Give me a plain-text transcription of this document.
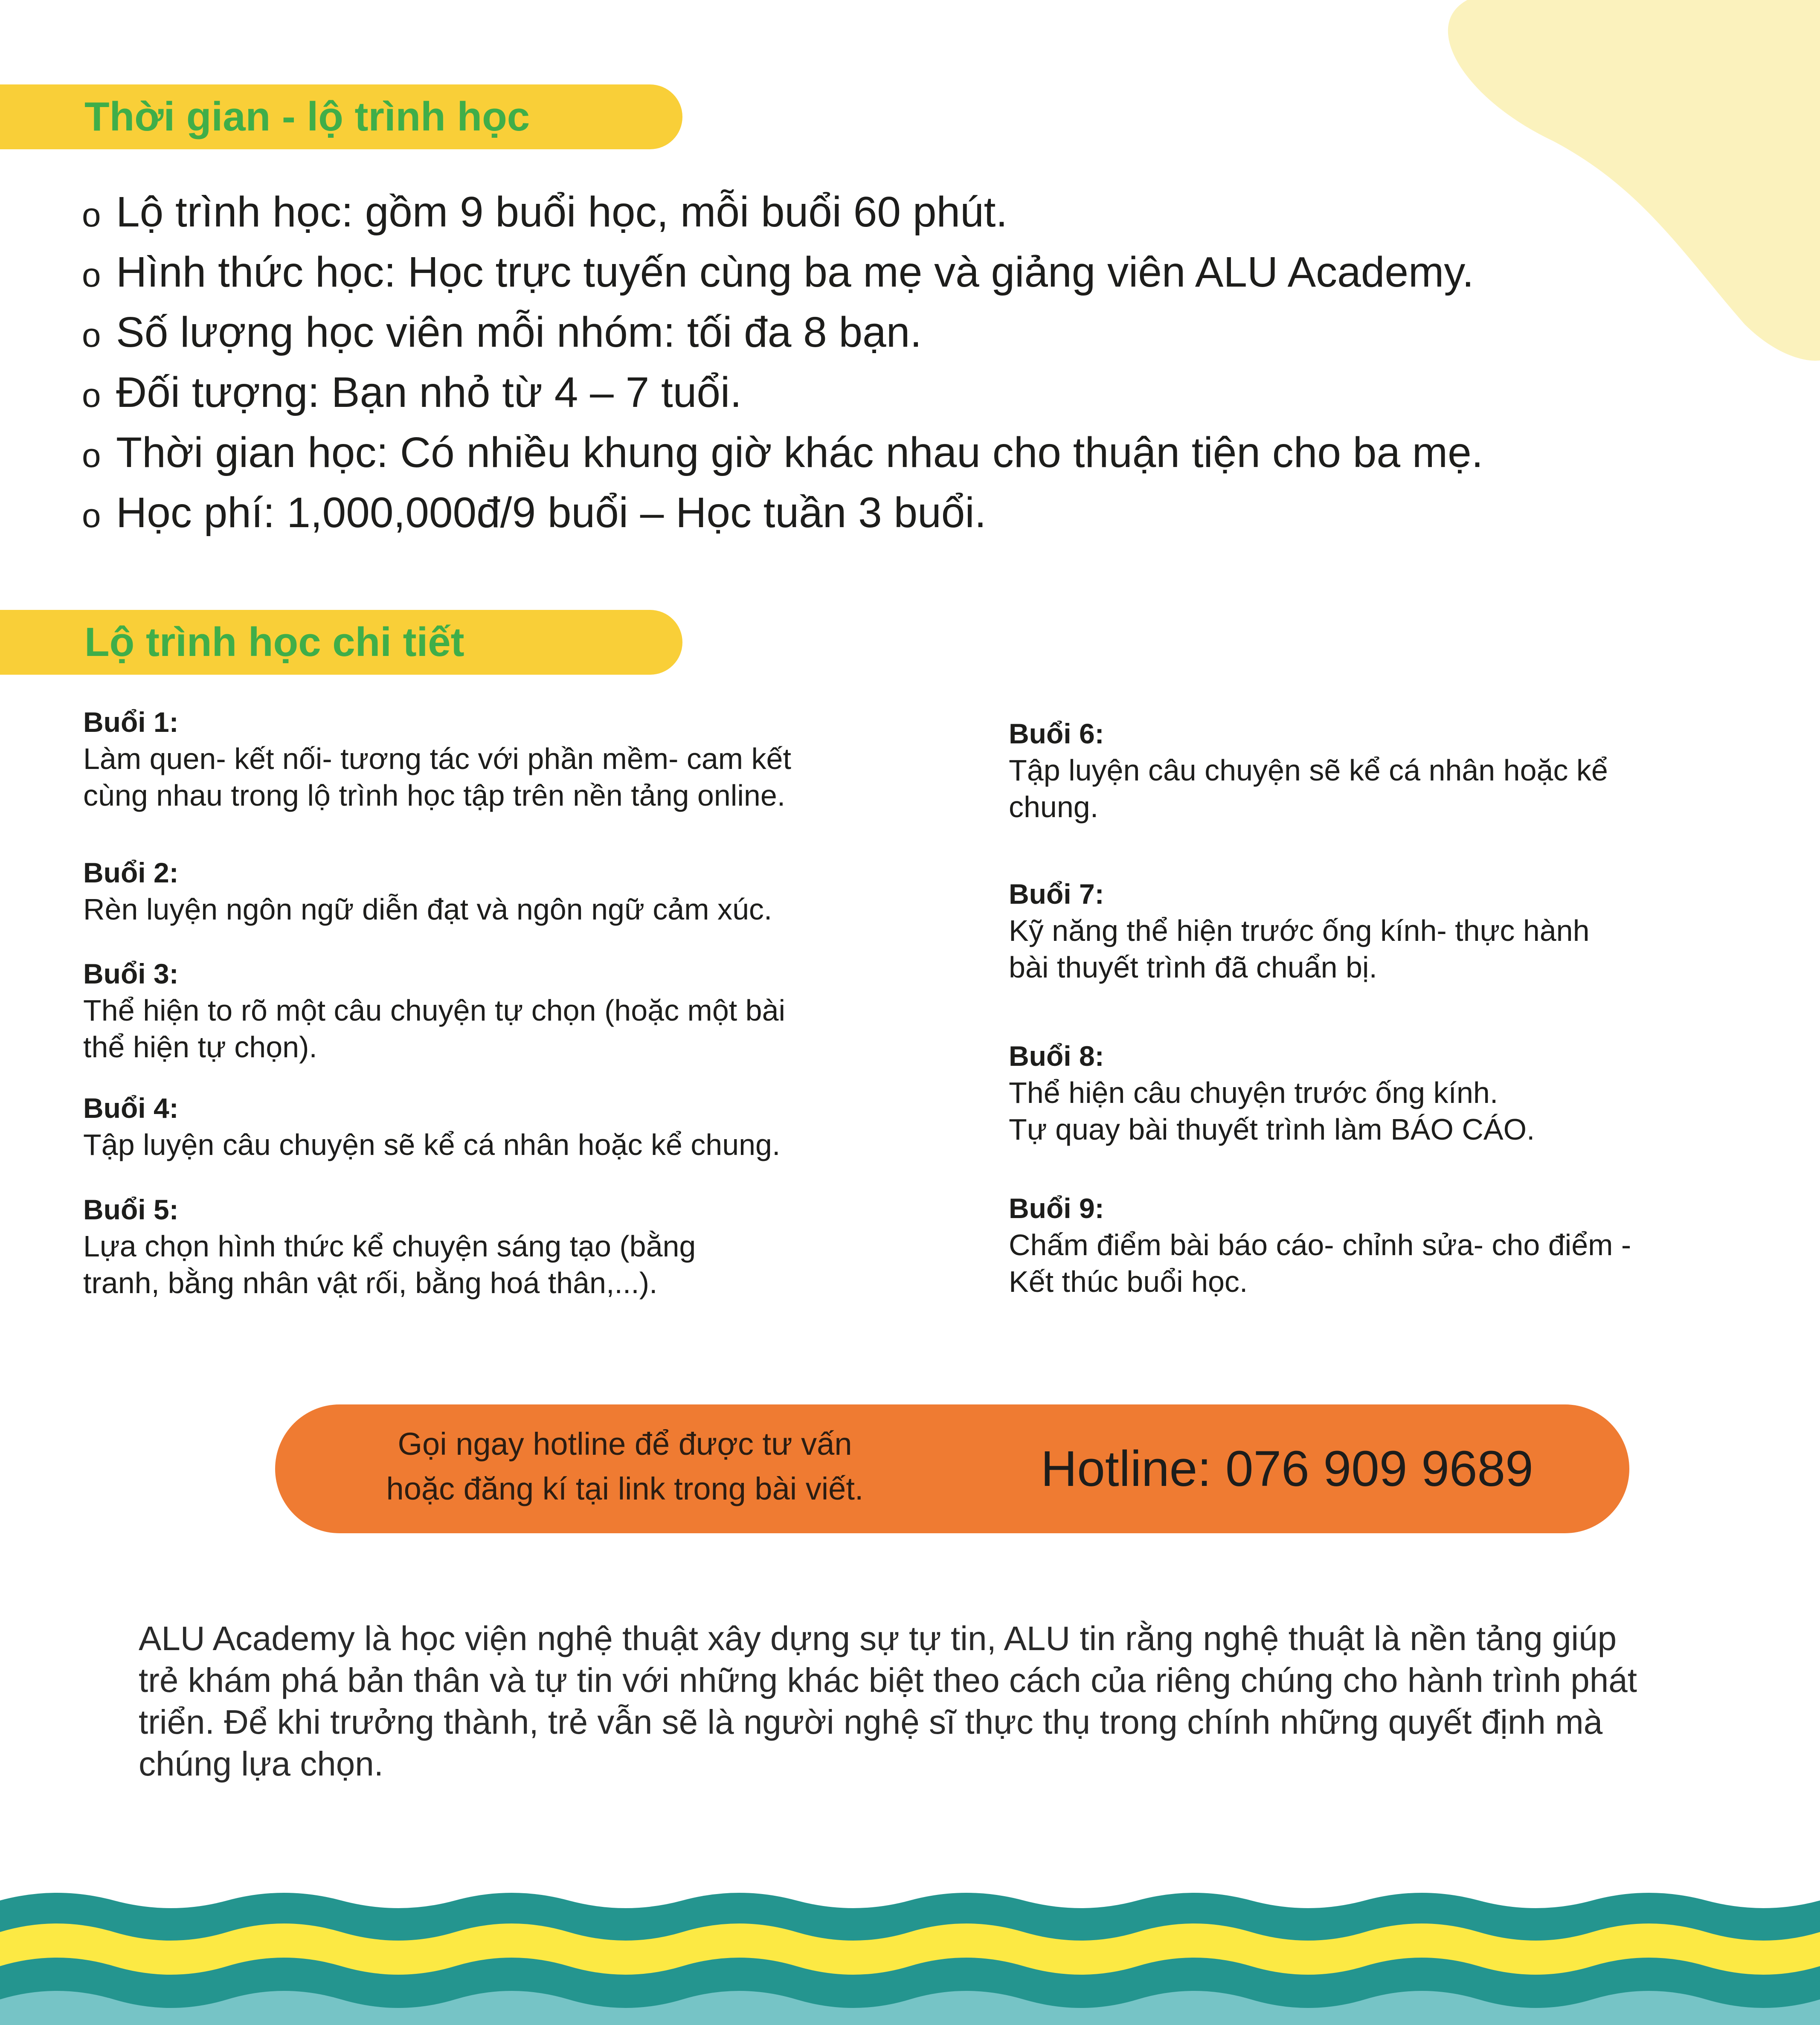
Thời gian - lộ trình học
o Lộ trình học: gồm 9 buổi học, mỗi buổi 60 phút.
o Hình thức học: Học trực tuyến cùng ba mẹ và giảng viên ALU Academy.
o Số lượng học viên mỗi nhóm: tối đa 8 bạn.
o Đối tượng: Bạn nhỏ từ 4 – 7 tuổi.
o Thời gian học: Có nhiều khung giờ khác nhau cho thuận tiện cho ba mẹ.
o Học phí: 1,000,000đ/9 buổi – Học tuần 3 buổi.
Lộ trình học chi tiết
Buổi 1:

Làm quen- kết nối- tương tác với phần mềm- cam kết
cùng nhau trong lộ trình học tập trên nền tảng online.

Buổi 2:

Rèn luyện ngôn ngữ diễn đạt và ngôn ngữ cảm xúc.

Buổi 3:

Thể hiện to rõ một câu chuyện tự chọn (hoặc một bài
thể hiện tự chọn).

Buổi 4:

Tập luyện câu chuyện sẽ kể cá nhân hoặc kể chung.

Buổi 5:

Lựa chọn hình thức kể chuyện sáng tạo (bằng
tranh, bằng nhân vật rối, bằng hoá thân,...).

Buổi 6:

Tập luyện câu chuyện sẽ kể cá nhân hoặc kể
chung.

Buổi 7:

Kỹ năng thể hiện trước ống kính- thực hành
bài thuyết trình đã chuẩn bị.

Buổi 8:

Thể hiện câu chuyện trước ống kính.
Tự quay bài thuyết trình làm BÁO CÁO.

Buổi 9:

Chấm điểm bài báo cáo- chỉnh sửa- cho điểm -
Kết thúc buổi học.

Gọi ngay hotline để được tư vấn hoặc đăng kí tại link trong bài viết.	Hotline: 076 909 9689

ALU Academy là học viện nghệ thuật xây dựng sự tự tin, ALU tin rằng nghệ thuật là nền tảng giúp trẻ khám phá bản thân và tự tin với những khác biệt theo cách của riêng chúng cho hành trình phát triển. Để khi trưởng thành, trẻ vẫn sẽ là người nghệ sĩ thực thụ trong chính những quyết định mà chúng lựa chọn.
